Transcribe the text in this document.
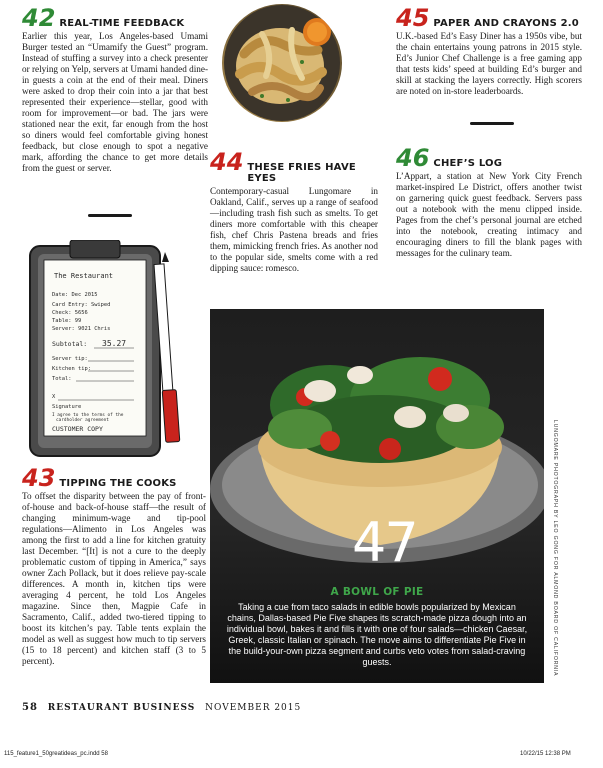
42 REAL-TIME FEEDBACK

Earlier this year, Los Angeles-based Umami Burger tested an “Umamify the Guest” program. Instead of stuffing a survey into a check presenter or relying on Yelp, servers at Umami handed dine-in guests a coin at the end of their meal. Diners were asked to drop their coin into a jar that best represented their experience—stellar, good with room for improvement—or bad. The jars were stationed near the exit, far enough from the host so diners would feel comfortable giving honest feedback, but close enough to spot a negative mark, affording the chance to get more details from the guest or server.	44 THESE FRIES HAVE EYES

Contemporary-casual Lungomare in Oakland, Calif., serves up a range of seafood—including trash fish such as smelts. To get diners more comfortable with this cheaper fish, chef Chris Pastena breads and fries them, mimicking french fries. As another nod to the popular side, smelts come with a red dipping sauce: romesco.

45 PAPER AND CRAYONS 2.0

U.K.-based Ed’s Easy Diner has a 1950s vibe, but the chain entertains young patrons in 2015 style. Ed’s Junior Chef Challenge is a free gaming app that tests kids’ speed at building Ed’s burger and skill at stacking the layers correctly. High scorers are noted on in-store leaderboards.

46 CHEF’S LOG

L’Appart, a station at New York City French market-inspired Le District, offers another twist on garnering quick guest feedback. Servers pass out a notebook with the menu clipped inside. Pages from the chef’s personal journal are etched into the notebook, creating intimacy and encouraging diners to fill the blank pages with messages for the culinary team.

The Restaurant
Date: Dec 2015
Card Entry: Swiped
Check: 5656
Table: 99
Server: 9021 Chris
Subtotal: 35.27
Server tip:
Kitchen tip:
Total:
X
Signature
I agree to the terms of the
cardholder agreement
CUSTOMER COPY
43 TIPPING THE COOKS

To offset the disparity between the pay of front-of-house and back-of-house staff—the result of changing minimum-wage and tip-pool regulations—Alimento in Los Angeles was among the first to add a line for kitchen gratuity last December. “[It] is not a cure to the deeply problematic custom of tipping in America,” says owner Zach Pollack, but it does relieve pay-scale differences. A month in, kitchen tips were averaging 4 percent, he told Los Angeles magazine. Since then, Magpie Cafe in Sacramento, Calif., added two-tiered tipping to boost its kitchen’s pay. Table tents explain the model as well as suggest how much to tip servers (15 to 18 percent) and kitchen staff (3 to 5 percent).

47
A BOWL OF PIE

Taking a cue from taco salads in edible bowls popularized by Mexican chains, Dallas-based Pie Five shapes its scratch-made pizza dough into an individual bowl, bakes it and fills it with one of four salads—chicken Caesar, Greek, classic Italian or spinach. The move aims to differentiate Pie Five in the build-your-own pizza segment and curbs veto votes from salad-craving guests.	LUNGOMARE PHOTOGRAPH BY LEO GONG FOR ALMOND BOARD OF CALIFORNIA
58 RESTAURANT BUSINESS NOVEMBER 2015
115_feature1_50greatideas_pc.indd 58	10/22/15 12:38 PM
